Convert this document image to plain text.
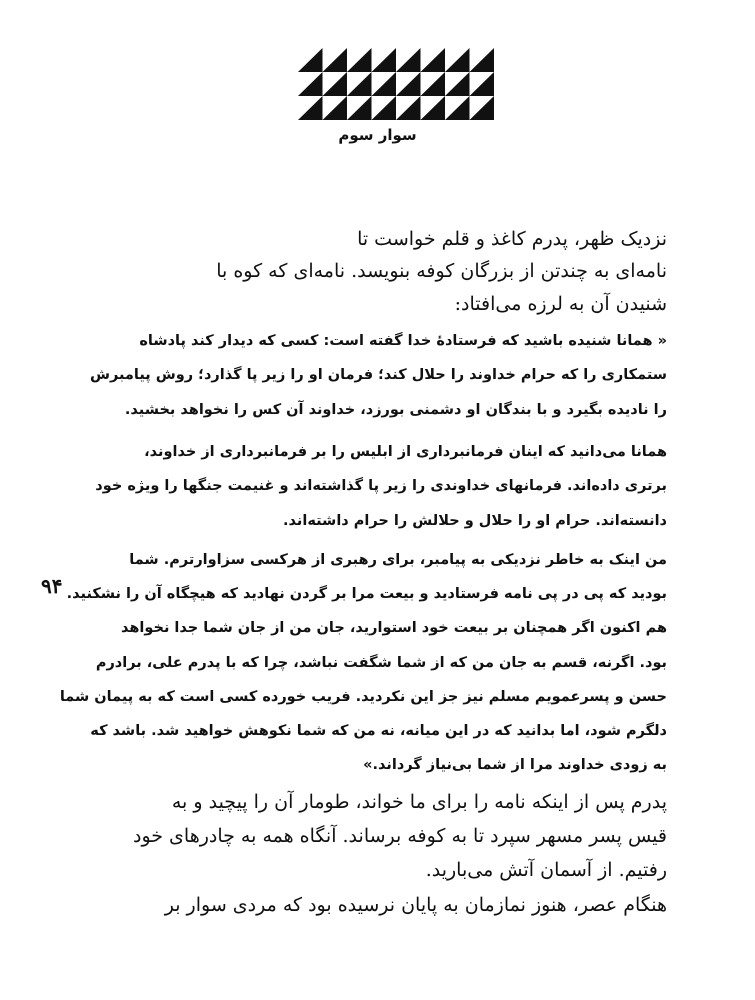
سوار سوم
نزدیک ظهر، پدرم کاغذ و قلم خواست تا
نامه‌ای به چندتن از بزرگان کوفه بنویسد. نامه‌ای که کوه با
شنیدن آن به لرزه می‌افتاد:
« همانا شنیده باشید که فرستادۀ خدا گفته است: کسی که دیدار کند پادشاه
ستمکاری را که حرام خداوند را حلال کند؛ فرمان او را زیر پا گذارد؛ روش پیامبرش
را نادیده بگیرد و با بندگان او دشمنی بورزد، خداوند آن کس را نخواهد بخشید.
همانا می‌دانید که اینان فرمانبرداری از ابلیس را بر فرمانبرداری از خداوند،
برتری داده‌اند. فرمانهای خداوندی را زیر پا گذاشته‌اند و غنیمت جنگها را ویژه خود
دانسته‌اند. حرام او را حلال و حلالش را حرام داشته‌اند.
من اینک به خاطر نزدیکی به پیامبر، برای رهبری از هرکسی سزاوارترم. شما
بودید که پی در پی نامه فرستادید و بیعت مرا بر گردن نهادید که هیچگاه آن را نشکنید.
هم اکنون اگر همچنان بر بیعت خود استوارید، جان من از جان شما جدا نخواهد
بود. اگرنه، قسم به جان من که از شما شگفت نباشد، چرا که با پدرم علی، برادرم
حسن و پسرعمویم مسلم نیز جز این نکردید. فریب خورده کسی است که به پیمان شما
دلگرم شود، اما بدانید که در این میانه، نه من که شما نکوهش خواهید شد. باشد که
به زودی خداوند مرا از شما بی‌نیاز گرداند.»
پدرم پس از اینکه نامه را برای ما خواند، طومار آن را پیچید و به
قیس پسر مسهر سپرد تا به کوفه برساند. آنگاه همه به چادرهای خود
رفتیم. از آسمان آتش می‌بارید.
هنگام عصر، هنوز نمازمان به پایان نرسیده بود که مردی سوار بر
۹۴
